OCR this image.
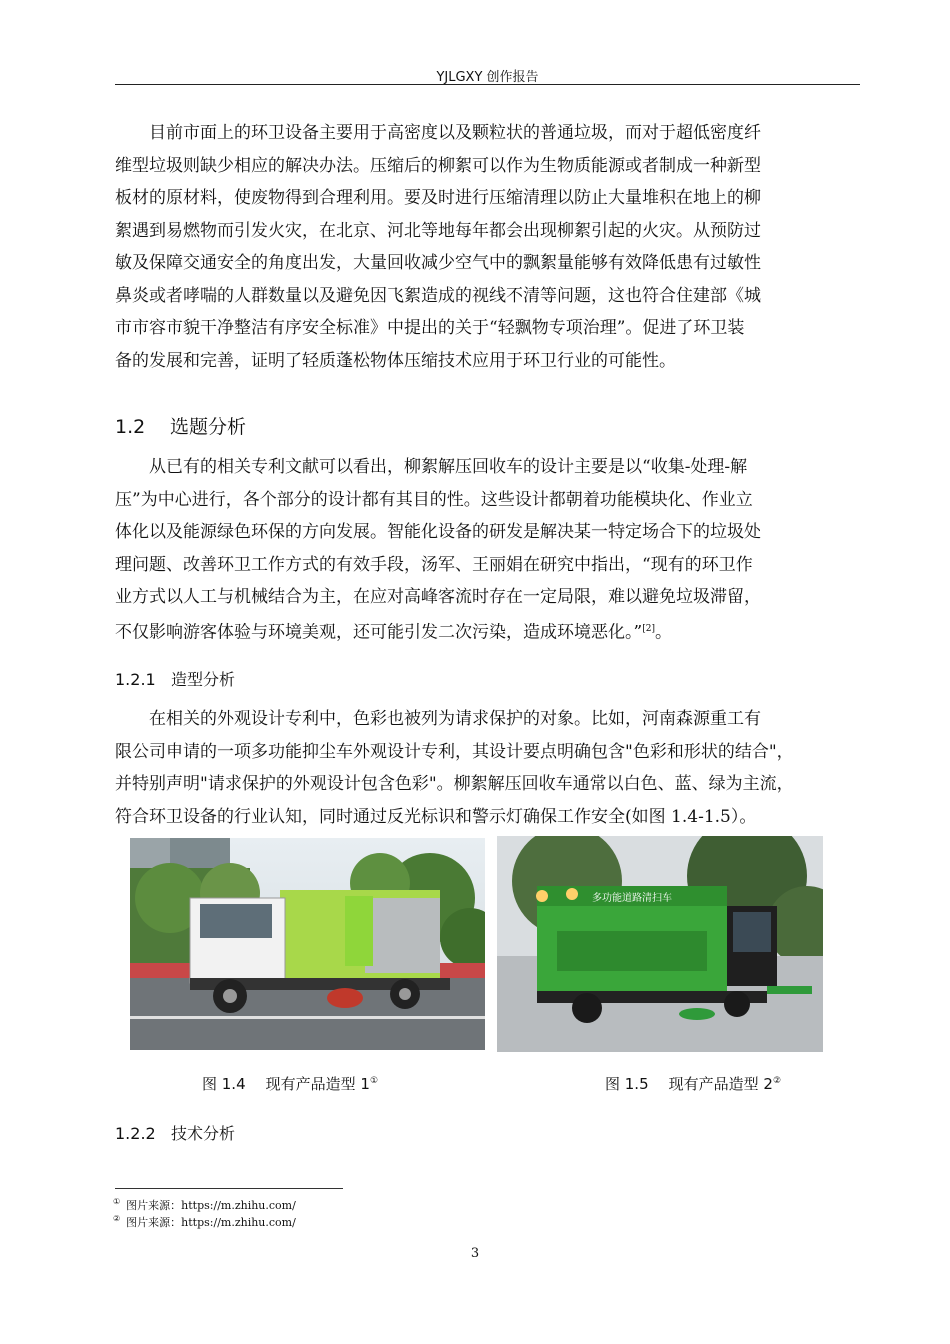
YJLGXY 创作报告
　　目前市面上的环卫设备主要用于高密度以及颗粒状的普通垃圾，而对于超低密度纤
维型垃圾则缺少相应的解决办法。压缩后的柳絮可以作为生物质能源或者制成一种新型
板材的原材料，使废物得到合理利用。要及时进行压缩清理以防止大量堆积在地上的柳
絮遇到易燃物而引发火灾，在北京、河北等地每年都会出现柳絮引起的火灾。从预防过
敏及保障交通安全的角度出发，大量回收减少空气中的飘絮量能够有效降低患有过敏性
鼻炎或者哮喘的人群数量以及避免因飞絮造成的视线不清等问题，这也符合住建部《城
市市容市貌干净整洁有序安全标准》中提出的关于“轻飘物专项治理”。促进了环卫装
备的发展和完善，证明了轻质蓬松物体压缩技术应用于环卫行业的可能性。
1.2 选题分析
　　从已有的相关专利文献可以看出，柳絮解压回收车的设计主要是以“收集-处理-解
压”为中心进行，各个部分的设计都有其目的性。这些设计都朝着功能模块化、作业立
体化以及能源绿色环保的方向发展。智能化设备的研发是解决某一特定场合下的垃圾处
理问题、改善环卫工作方式的有效手段，汤军、王丽娟在研究中指出，“现有的环卫作
业方式以人工与机械结合为主，在应对高峰客流时存在一定局限，难以避免垃圾滞留，
不仅影响游客体验与环境美观，还可能引发二次污染，造成环境恶化。”[2]。
1.2.1 造型分析
　　在相关的外观设计专利中，色彩也被列为请求保护的对象。比如，河南森源重工有
限公司申请的一项多功能抑尘车外观设计专利，其设计要点明确包含"色彩和形状的结合"，
并特别声明"请求保护的外观设计包含色彩"。柳絮解压回收车通常以白色、蓝、绿为主流，
符合环卫设备的行业认知，同时通过反光标识和警示灯确保工作安全(如图 1.4-1.5）。
多功能道路清扫车
图 1.4 现有产品造型 1①	图 1.5 现有产品造型 2②
1.2.2 技术分析
① 图片来源：https://m.zhihu.com/
② 图片来源：https://m.zhihu.com/
3
